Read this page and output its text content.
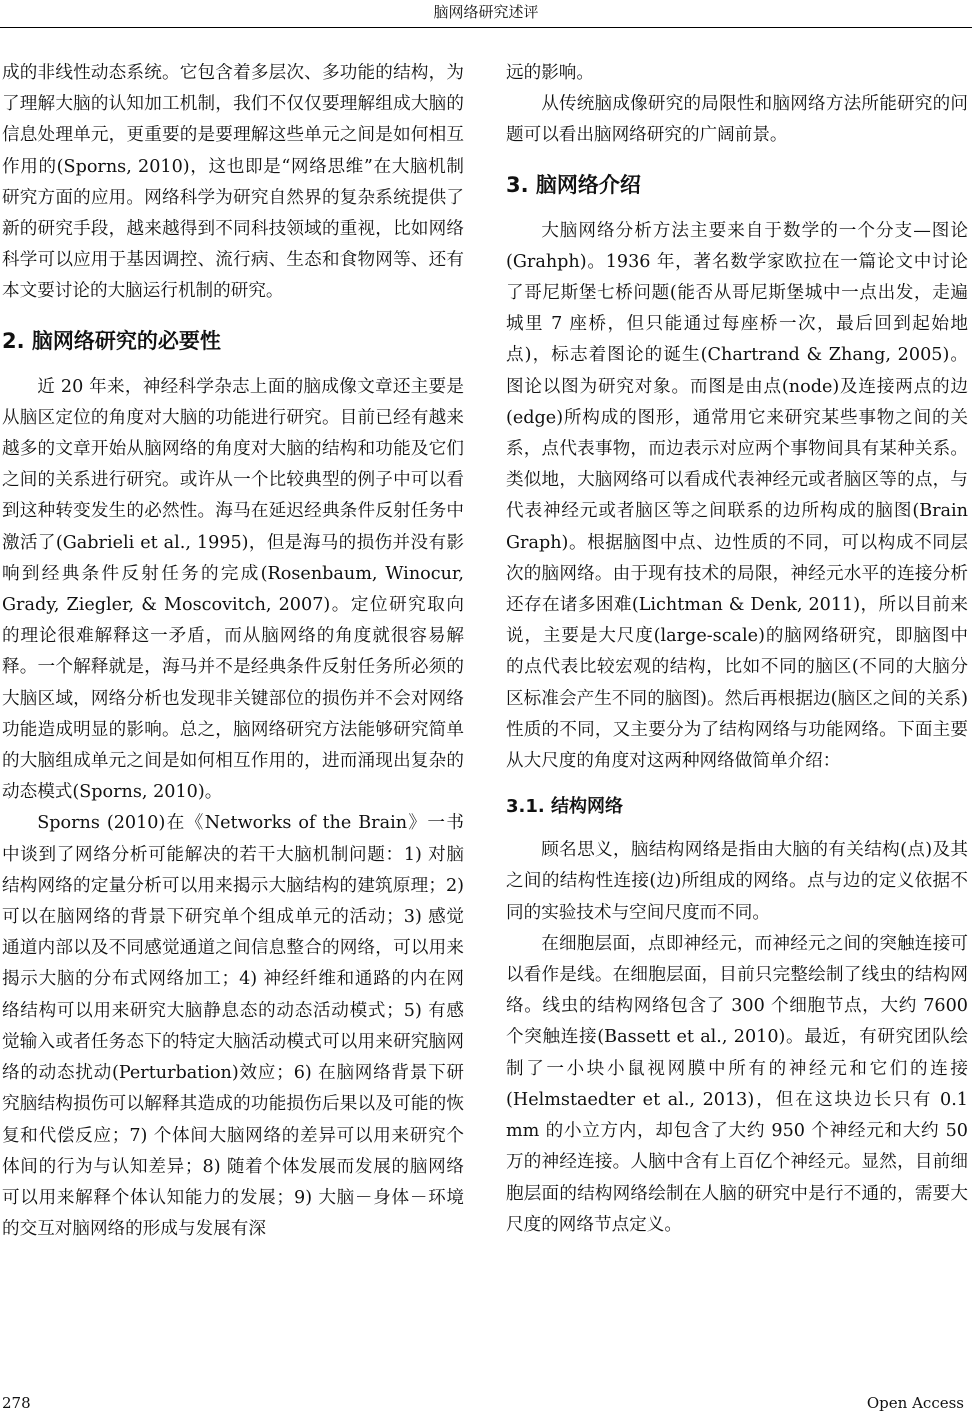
脑网络研究述评

成的非线性动态系统。它包含着多层次、多功能的结构，为了理解大脑的认知加工机制，我们不仅仅要理解组成大脑的信息处理单元，更重要的是要理解这些单元之间是如何相互作用的(Sporns, 2010)，这也即是“网络思维”在大脑机制研究方面的应用。网络科学为研究自然界的复杂系统提供了新的研究手段，越来越得到不同科技领域的重视，比如网络科学可以应用于基因调控、流行病、生态和食物网等、还有本文要讨论的大脑运行机制的研究。

2. 脑网络研究的必要性

近 20 年来，神经科学杂志上面的脑成像文章还主要是从脑区定位的角度对大脑的功能进行研究。目前已经有越来越多的文章开始从脑网络的角度对大脑的结构和功能及它们之间的关系进行研究。或许从一个比较典型的例子中可以看到这种转变发生的必然性。海马在延迟经典条件反射任务中激活了(Gabrieli et al., 1995)，但是海马的损伤并没有影响到经典条件反射任务的完成(Rosenbaum, Winocur, Grady, Ziegler, & Moscovitch, 2007)。定位研究取向的理论很难解释这一矛盾，而从脑网络的角度就很容易解释。一个解释就是，海马并不是经典条件反射任务所必须的大脑区域，网络分析也发现非关键部位的损伤并不会对网络功能造成明显的影响。总之，脑网络研究方法能够研究简单的大脑组成单元之间是如何相互作用的，进而涌现出复杂的动态模式(Sporns, 2010)。

Sporns (2010)在《Networks of the Brain》一书中谈到了网络分析可能解决的若干大脑机制问题：1) 对脑结构网络的定量分析可以用来揭示大脑结构的建筑原理；2) 可以在脑网络的背景下研究单个组成单元的活动；3) 感觉通道内部以及不同感觉通道之间信息整合的网络，可以用来揭示大脑的分布式网络加工；4) 神经纤维和通路的内在网络结构可以用来研究大脑静息态的动态活动模式；5) 有感觉输入或者任务态下的特定大脑活动模式可以用来研究脑网络的动态扰动(Perturbation)效应；6) 在脑网络背景下研究脑结构损伤可以解释其造成的功能损伤后果以及可能的恢复和代偿反应；7) 个体间大脑网络的差异可以用来研究个体间的行为与认知差异；8) 随着个体发展而发展的脑网络可以用来解释个体认知能力的发展；9) 大脑－身体－环境的交互对脑网络的形成与发展有深

远的影响。

从传统脑成像研究的局限性和脑网络方法所能研究的问题可以看出脑网络研究的广阔前景。

3. 脑网络介绍

大脑网络分析方法主要来自于数学的一个分支—图论(Grahph)。1936 年，著名数学家欧拉在一篇论文中讨论了哥尼斯堡七桥问题(能否从哥尼斯堡城中一点出发，走遍城里 7 座桥，但只能通过每座桥一次，最后回到起始地点)，标志着图论的诞生(Chartrand & Zhang, 2005)。图论以图为研究对象。而图是由点(node)及连接两点的边(edge)所构成的图形，通常用它来研究某些事物之间的关系，点代表事物，而边表示对应两个事物间具有某种关系。类似地，大脑网络可以看成代表神经元或者脑区等的点，与代表神经元或者脑区等之间联系的边所构成的脑图(Brain Graph)。根据脑图中点、边性质的不同，可以构成不同层次的脑网络。由于现有技术的局限，神经元水平的连接分析还存在诸多困难(Lichtman & Denk, 2011)，所以目前来说，主要是大尺度(large-scale)的脑网络研究，即脑图中的点代表比较宏观的结构，比如不同的脑区(不同的大脑分区标准会产生不同的脑图)。然后再根据边(脑区之间的关系)性质的不同，又主要分为了结构网络与功能网络。下面主要从大尺度的角度对这两种网络做简单介绍：

3.1. 结构网络

顾名思义，脑结构网络是指由大脑的有关结构(点)及其之间的结构性连接(边)所组成的网络。点与边的定义依据不同的实验技术与空间尺度而不同。

在细胞层面，点即神经元，而神经元之间的突触连接可以看作是线。在细胞层面，目前只完整绘制了线虫的结构网络。线虫的结构网络包含了 300 个细胞节点，大约 7600 个突触连接(Bassett et al., 2010)。最近，有研究团队绘制了一小块小鼠视网膜中所有的神经元和它们的连接(Helmstaedter et al., 2013)，但在这块边长只有 0.1 mm 的小立方内，却包含了大约 950 个神经元和大约 50 万的神经连接。人脑中含有上百亿个神经元。显然，目前细胞层面的结构网络绘制在人脑的研究中是行不通的，需要大尺度的网络节点定义。

278	Open Access
